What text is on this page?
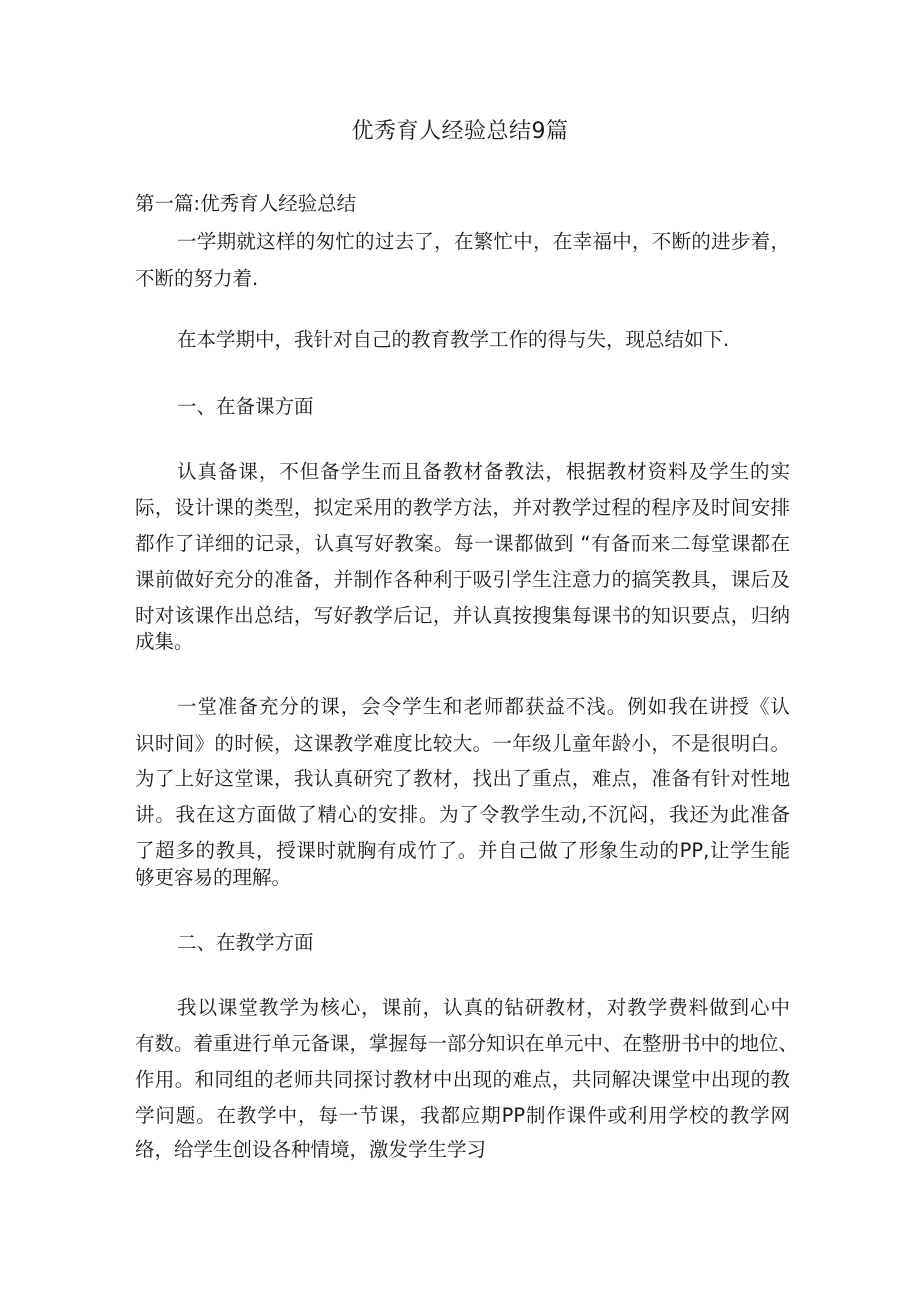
优秀育人经验总结9篇
第一篇:优秀育人经验总结
一学期就这样的匆忙的过去了，在繁忙中，在幸福中，不断的进步着，
不断的努力着.
在本学期中，我针对自己的教育教学工作的得与失，现总结如下.
一、在备课方面
认真备课，不但备学生而且备教材备教法，根据教材资料及学生的实
际，设计课的类型，拟定采用的教学方法，并对教学过程的程序及时间安排
都作了详细的记录，认真写好教案。每一课都做到 “有备而来二每堂课都在
课前做好充分的准备，并制作各种利于吸引学生注意力的搞笑教具，课后及
时对该课作出总结，写好教学后记，并认真按搜集每课书的知识要点，归纳
成集。
一堂准备充分的课，会令学生和老师都获益不浅。例如我在讲授《认
识时间》的时候，这课教学难度比较大。一年级儿童年龄小，不是很明白。
为了上好这堂课，我认真研究了教材，找出了重点，难点，准备有针对性地
讲。我在这方面做了精心的安排。为了令教学生动,不沉闷，我还为此准备
了超多的教具，授课时就胸有成竹了。并自己做了形象生动的PP,让学生能
够更容易的理解。
二、在教学方面
我以课堂教学为核心，课前，认真的钻研教材，对教学费料做到心中
有数。着重进行单元备课，掌握每一部分知识在单元中、在整册书中的地位、
作用。和同组的老师共同探讨教材中出现的难点，共同解决课堂中出现的教
学问题。在教学中，每一节课，我都应期PP制作课件或利用学校的教学网
络，给学生创设各种情境，激发学生学习
